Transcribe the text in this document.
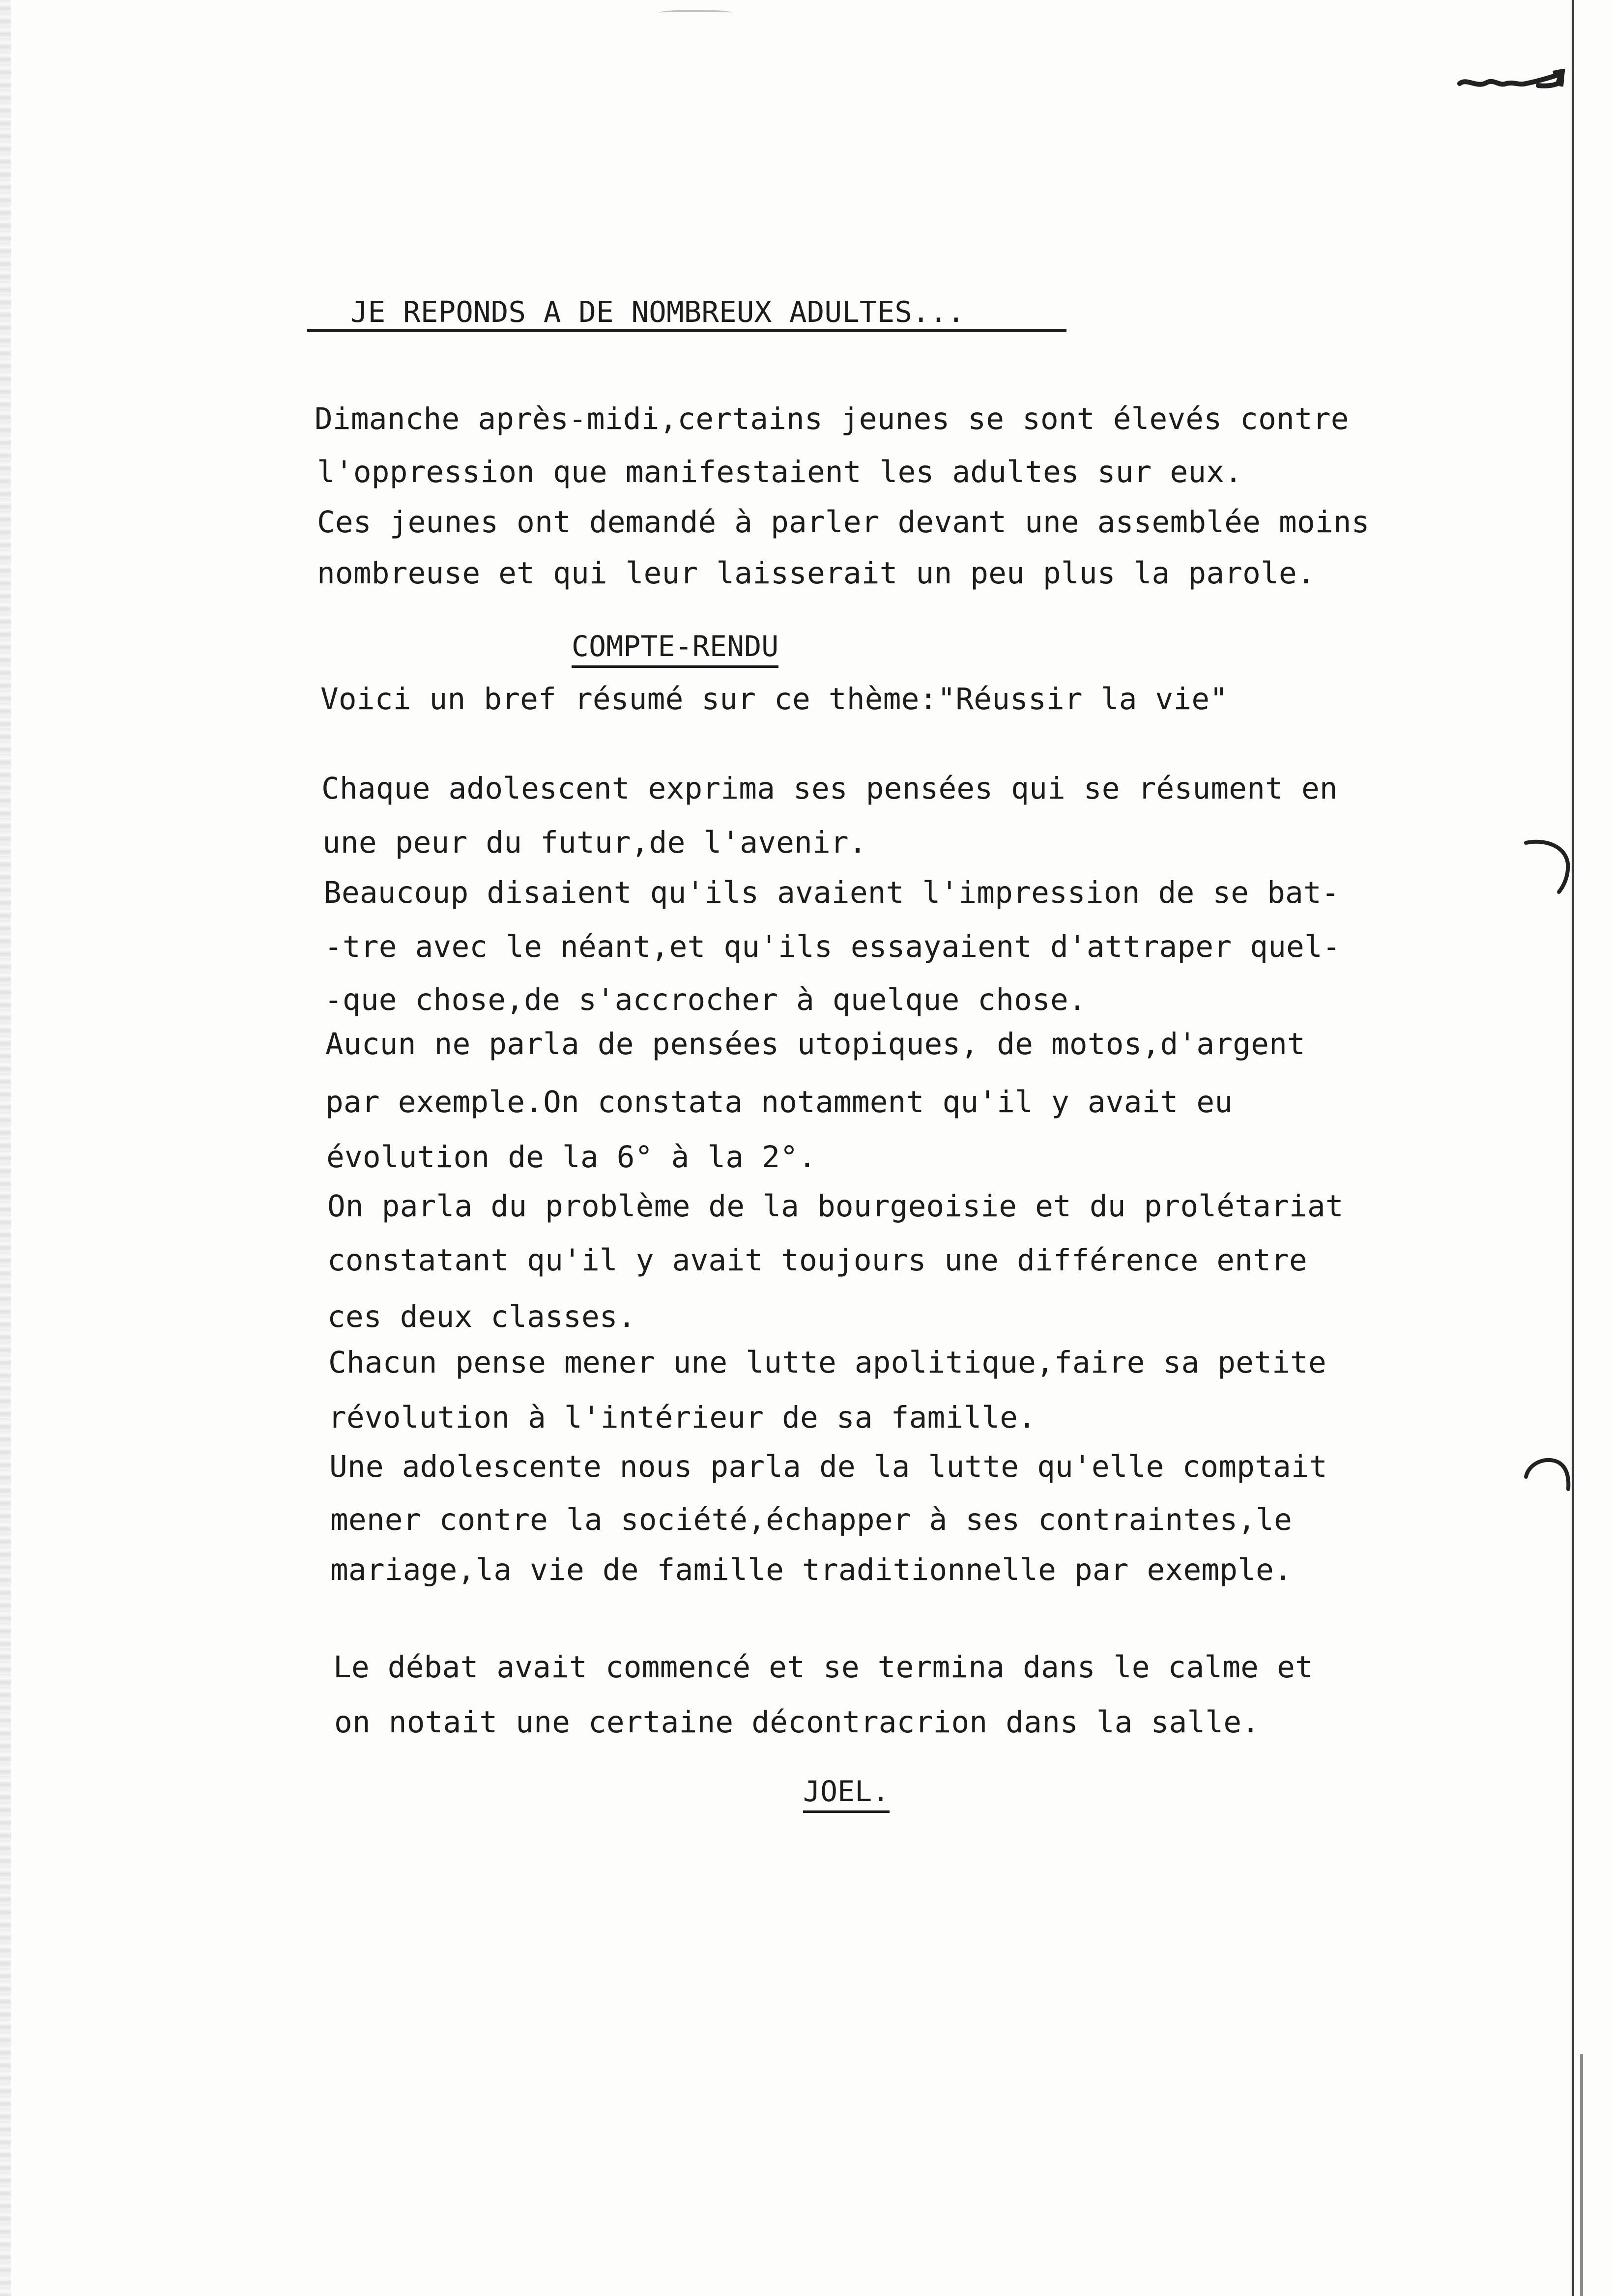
JE REPONDS A DE NOMBREUX ADULTES...
Dimanche après-midi,certains jeunes se sont élevés contre
l'oppression que manifestaient les adultes sur eux.
Ces jeunes ont demandé à parler devant une assemblée moins
nombreuse et qui leur laisserait un peu plus la parole.
COMPTE-RENDU
Voici un bref résumé sur ce thème:"Réussir la vie"
Chaque adolescent exprima ses pensées qui se résument en
une peur du futur,de l'avenir.
Beaucoup disaient qu'ils avaient l'impression de se bat-
-tre avec le néant,et qu'ils essayaient d'attraper quel-
-que chose,de s'accrocher à quelque chose.
Aucun ne parla de pensées utopiques, de motos,d'argent
par exemple.On constata notamment qu'il y avait eu
évolution de la 6° à la 2°.
On parla du problème de la bourgeoisie et du prolétariat
constatant qu'il y avait toujours une différence entre
ces deux classes.
Chacun pense mener une lutte apolitique,faire sa petite
révolution à l'intérieur de sa famille.
Une adolescente nous parla de la lutte qu'elle comptait
mener contre la société,échapper à ses contraintes,le
mariage,la vie de famille traditionnelle par exemple.
Le débat avait commencé et se termina dans le calme et
on notait une certaine décontracrion dans la salle.
JOEL.
